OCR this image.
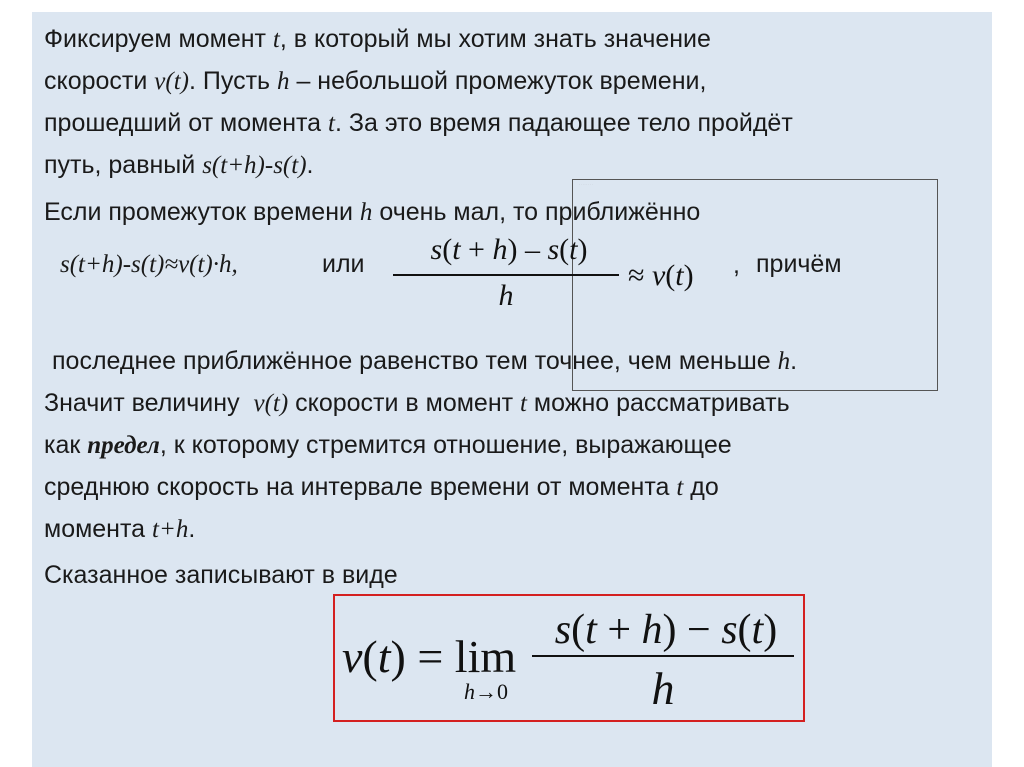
· · · · · · · ·

Фиксируем момент t, в который мы хотим знать значение

скорости v(t). Пусть h – небольшой промежуток времени,

прошедший от момента t. За это время падающее тело пройдёт

путь, равный s(t+h)-s(t).

Если промежуток времени h очень мал, то приближённо

s(t+h)-s(t)≈v(t)·h,	или	s(t + h) – s(t)
h
≈ v(t) , причём

последнее приближённое равенство тем точнее, чем меньше h.

Значит величину  v(t) скорости в момент t можно рассматривать

как предел, к которому стремится отношение, выражающее

среднюю скорость на интервале времени от момента t до

момента t+h.

Сказанное записывают в виде

v(t) = lim
h→0
s(t + h) − s(t)
h
